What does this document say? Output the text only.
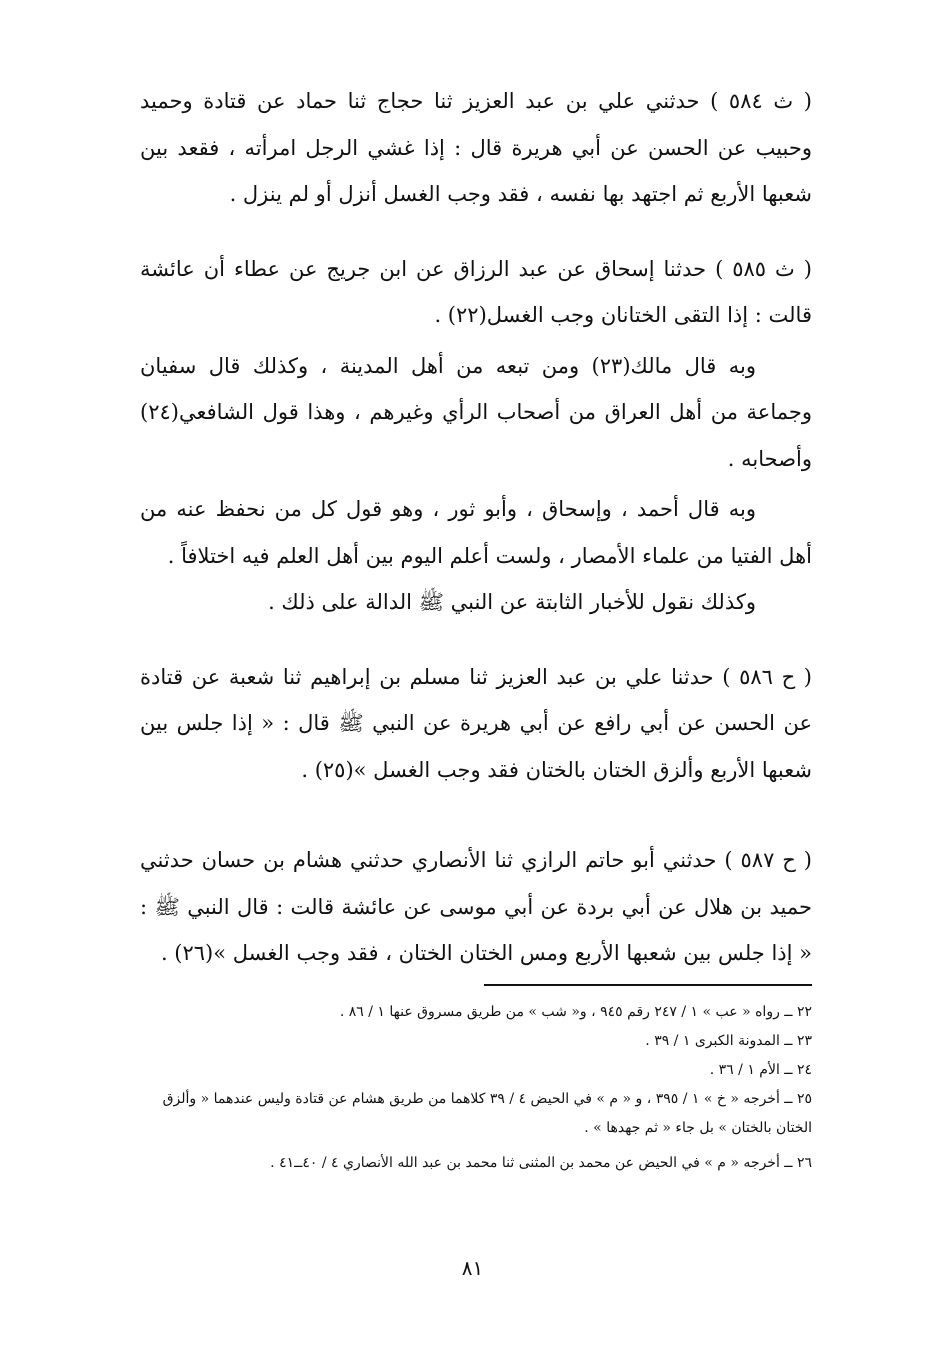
( ث ٥٨٤ ) حدثني علي بن عبد العزيز ثنا حجاج ثنا حماد عن قتادة وحميد وحبيب عن الحسن عن أبي هريرة قال : إذا غشي الرجل امرأته ، فقعد بين شعبها الأربع ثم اجتهد بها نفسه ، فقد وجب الغسل أنزل أو لم ينزل .

( ث ٥٨٥ ) حدثنا إسحاق عن عبد الرزاق عن ابن جريج عن عطاء أن عائشة قالت : إذا التقى الختانان وجب الغسل(٢٢) .

وبه قال مالك(٢٣) ومن تبعه من أهل المدينة ، وكذلك قال سفيان وجماعة من أهل العراق من أصحاب الرأي وغيرهم ، وهذا قول الشافعي(٢٤) وأصحابه .

وبه قال أحمد ، وإسحاق ، وأبو ثور ، وهو قول كل من نحفظ عنه من أهل الفتيا من علماء الأمصار ، ولست أعلم اليوم بين أهل العلم فيه اختلافاً .

وكذلك نقول للأخبار الثابتة عن النبي ﷺ الدالة على ذلك .

( ح ٥٨٦ ) حدثنا علي بن عبد العزيز ثنا مسلم بن إبراهيم ثنا شعبة عن قتادة عن الحسن عن أبي رافع عن أبي هريرة عن النبي ﷺ قال : « إذا جلس بين شعبها الأربع وألزق الختان بالختان فقد وجب الغسل »(٢٥) .

( ح ٥٨٧ ) حدثني أبو حاتم الرازي ثنا الأنصاري حدثني هشام بن حسان حدثني حميد بن هلال عن أبي بردة عن أبي موسى عن عائشة قالت : قال النبي ﷺ : « إذا جلس بين شعبها الأربع ومس الختان الختان ، فقد وجب الغسل »(٢٦) .

٢٢ ــ رواه « عب » ١ / ٢٤٧ رقم ٩٤٥ ، و« شب » من طريق مسروق عنها ١ / ٨٦ .

٢٣ ــ المدونة الكبرى ١ / ٣٩ .

٢٤ ــ الأم ١ / ٣٦ .

٢٥ ــ أخرجه « خ » ١ / ٣٩٥ ، و « م » في الحيض ٤ / ٣٩ كلاهما من طريق هشام عن قتادة وليس عندهما « وألزق الختان بالختان » بل جاء « ثم جهدها » .

٢٦ ــ أخرجه « م » في الحيض عن محمد بن المثنى ثنا محمد بن عبد الله الأنصاري ٤ / ٤٠ــ٤١ .

٨١
